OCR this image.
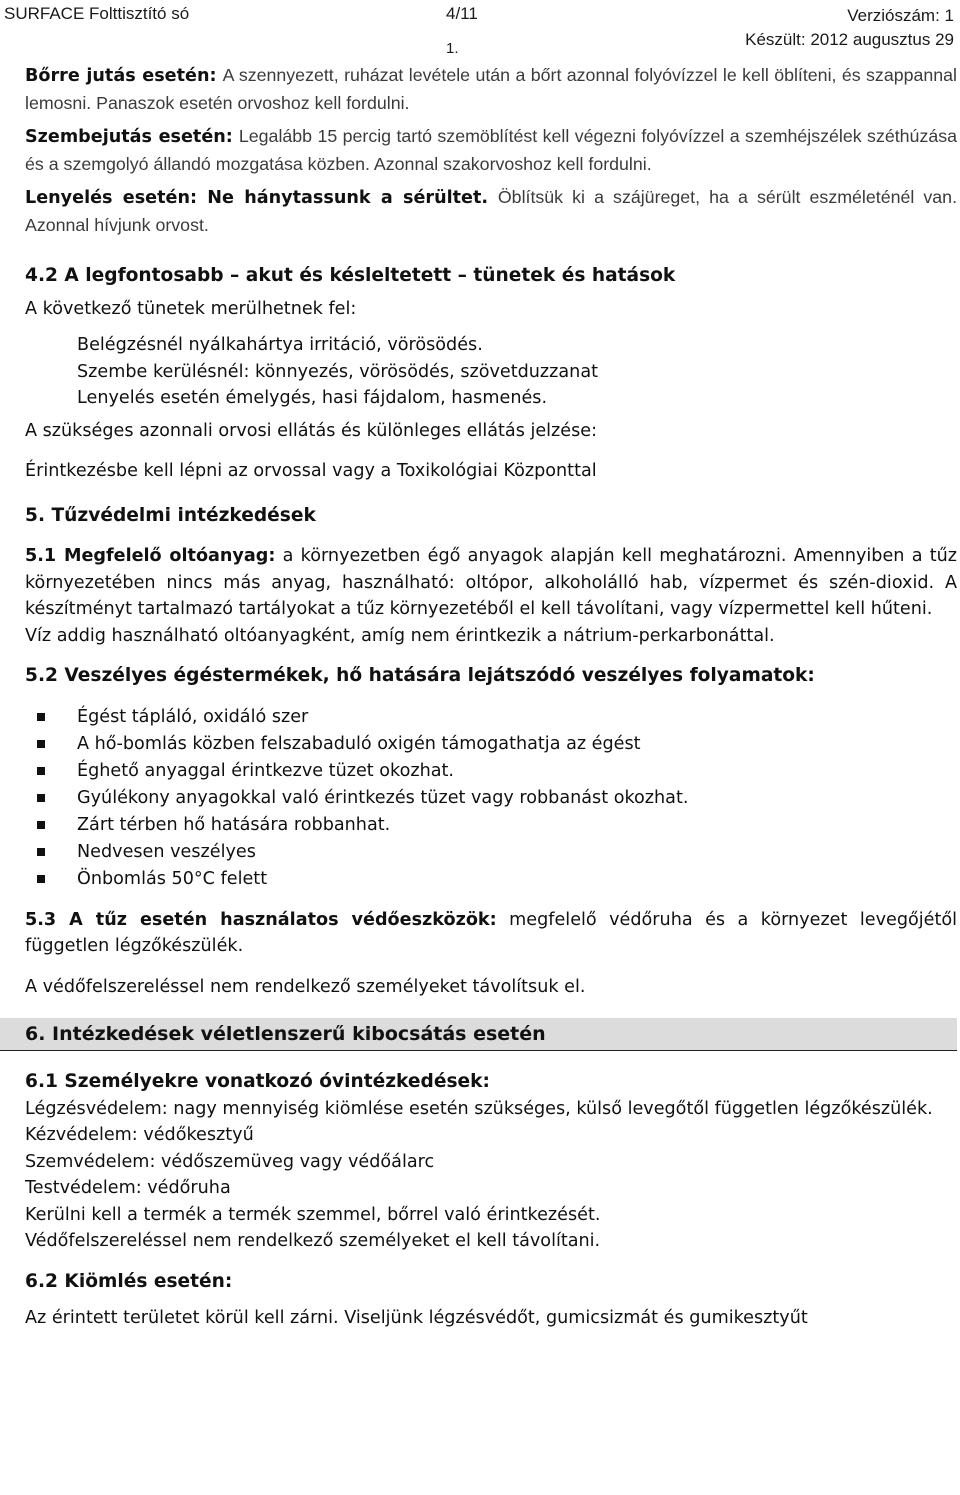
SURFACE Folttisztító só	4/11
1.
Verziószám: 1
Készült: 2012 augusztus 29

Bőrre jutás esetén: A szennyezett, ruházat levétele után a bőrt azonnal folyóvízzel le kell öblíteni, és szappannal lemosni. Panaszok esetén orvoshoz kell fordulni.

Szembejutás esetén: Legalább 15 percig tartó szemöblítést kell végezni folyóvízzel a szemhéjszélek széthúzása és a szemgolyó állandó mozgatása közben. Azonnal szakorvoshoz kell fordulni.

Lenyelés esetén: Ne hánytassunk a sérültet. Öblítsük ki a szájüreget, ha a sérült eszméleténél van. Azonnal hívjunk orvost.

4.2 A legfontosabb – akut és késleltetett – tünetek és hatások

A következő tünetek merülhetnek fel:

Belégzésnél nyálkahártya irritáció, vörösödés.

Szembe kerülésnél: könnyezés, vörösödés, szövetduzzanat

Lenyelés esetén émelygés, hasi fájdalom, hasmenés.

A szükséges azonnali orvosi ellátás és különleges ellátás jelzése:

Érintkezésbe kell lépni az orvossal vagy a Toxikológiai Központtal

5. Tűzvédelmi intézkedések

5.1 Megfelelő oltóanyag: a környezetben égő anyagok alapján kell meghatározni. Amennyiben a tűz környezetében nincs más anyag, használható: oltópor, alkoholálló hab, vízpermet és szén-dioxid. A készítményt tartalmazó tartályokat a tűz környezetéből el kell távolítani, vagy vízpermettel kell hűteni.

Víz addig használható oltóanyagként, amíg nem érintkezik a nátrium-perkarbonáttal.

5.2 Veszélyes égéstermékek, hő hatására lejátszódó veszélyes folyamatok:

Égést tápláló, oxidáló szer
A hő-bomlás közben felszabaduló oxigén támogathatja az égést
Éghető anyaggal érintkezve tüzet okozhat.
Gyúlékony anyagokkal való érintkezés tüzet vagy robbanást okozhat.
Zárt térben hő hatására robbanhat.
Nedvesen veszélyes
Önbomlás 50°C felett

5.3 A tűz esetén használatos védőeszközök: megfelelő védőruha és a környezet levegőjétől független légzőkészülék.

A védőfelszereléssel nem rendelkező személyeket távolítsuk el.

6. Intézkedések véletlenszerű kibocsátás esetén

6.1 Személyekre vonatkozó óvintézkedések:

Légzésvédelem: nagy mennyiség kiömlése esetén szükséges, külső levegőtől független légzőkészülék.

Kézvédelem: védőkesztyű

Szemvédelem: védőszemüveg vagy védőálarc

Testvédelem: védőruha

Kerülni kell a termék a termék szemmel, bőrrel való érintkezését.

Védőfelszereléssel nem rendelkező személyeket el kell távolítani.

6.2 Kiömlés esetén:

Az érintett területet körül kell zárni. Viseljünk légzésvédőt, gumicsizmát és gumikesztyűt
